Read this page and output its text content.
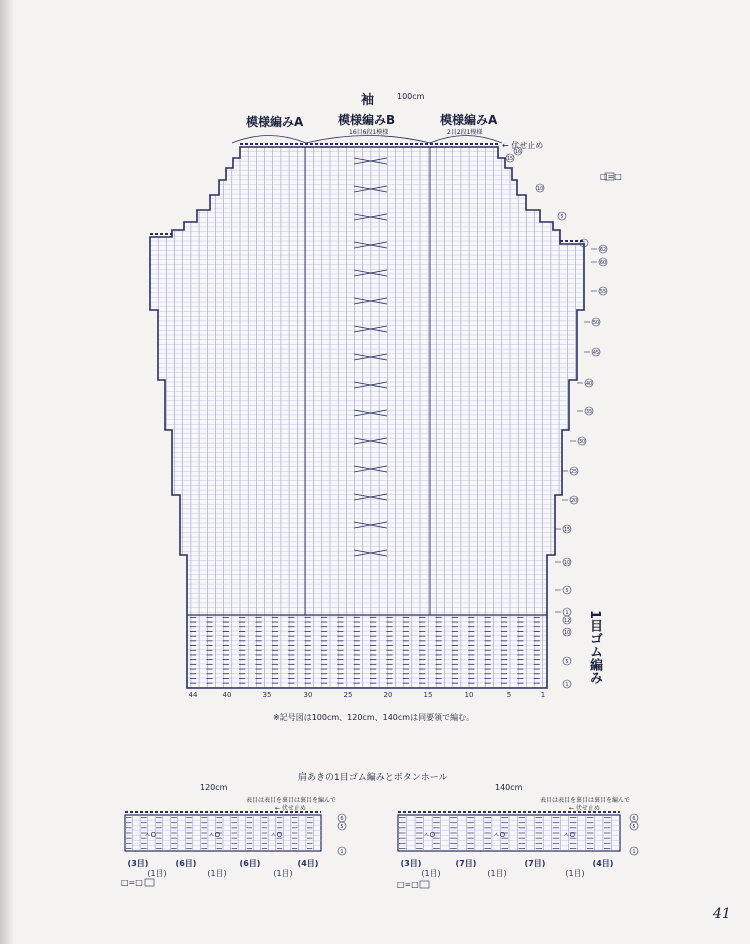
袖	100cm
模様編みA	模様編みB
16目6段1模様
模様編みA
2目2段1模様
← 伏せ止め
□=□
1目ゴム編み
※記号図は100cm、120cm、140cmは同要領で編む。
肩あきの1目ゴム編みとボタンホール
120cm	140cm
表目は表目を裏目は裏目を編んで
← 伏せ止め
表目は表目を裏目は裏目を編んで
← 伏せ止め
□=□	□=□
41
16
15
10
5
1
62
60
55
50
45
40
35
30
25
20
15
10
5
1
12
10
5
1
44	40	35	30	25	20	15	10	5	1
6
5
1
6
5
1
(3目)	(6目)	(6目)	(4目)
(1目)	(1目)	(1目)
(3目)	(7目)	(7目)	(4目)
(1目)	(1目)	(1目)
ㅅO	ㅅO	ㅅO	ㅅO	ㅅO	ㅅO
